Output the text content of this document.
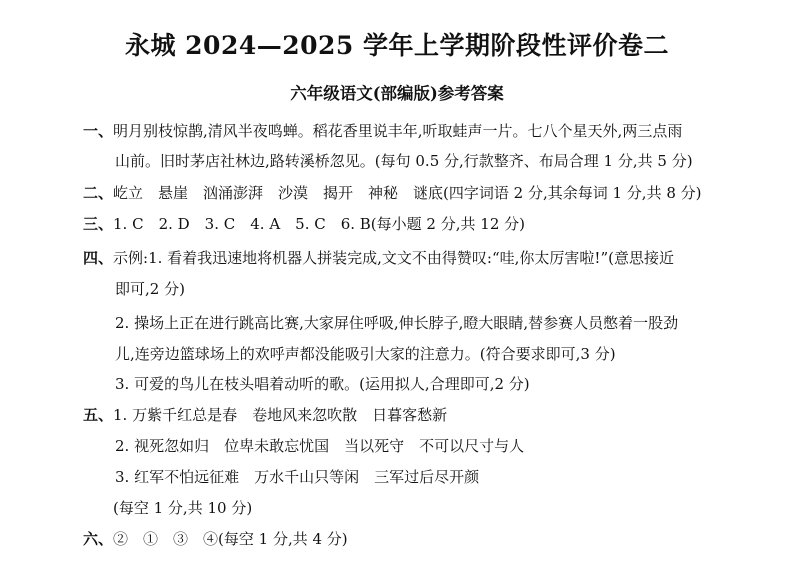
永城 2024—2025 学年上学期阶段性评价卷二
六年级语文(部编版)参考答案
一、明月别枝惊鹊,清风半夜鸣蝉。稻花香里说丰年,听取蛙声一片。七八个星天外,两三点雨
山前。旧时茅店社林边,路转溪桥忽见。(每句 0.5 分,行款整齐、布局合理 1 分,共 5 分)
二、屹立　悬崖　汹涌澎湃　沙漠　揭开　神秘　谜底(四字词语 2 分,其余每词 1 分,共 8 分)
三、1. C　2. D　3. C　4. A　5. C　6. B(每小题 2 分,共 12 分)
四、示例:1. 看着我迅速地将机器人拼装完成,文文不由得赞叹:“哇,你太厉害啦!”(意思接近
即可,2 分)
2. 操场上正在进行跳高比赛,大家屏住呼吸,伸长脖子,瞪大眼睛,替参赛人员憋着一股劲
儿,连旁边篮球场上的欢呼声都没能吸引大家的注意力。(符合要求即可,3 分)
3. 可爱的鸟儿在枝头唱着动听的歌。(运用拟人,合理即可,2 分)
五、1. 万紫千红总是春　卷地风来忽吹散　日暮客愁新
2. 视死忽如归　位卑未敢忘忧国　当以死守　不可以尺寸与人
3. 红军不怕远征难　万水千山只等闲　三军过后尽开颜
(每空 1 分,共 10 分)
六、②　①　③　④(每空 1 分,共 4 分)
